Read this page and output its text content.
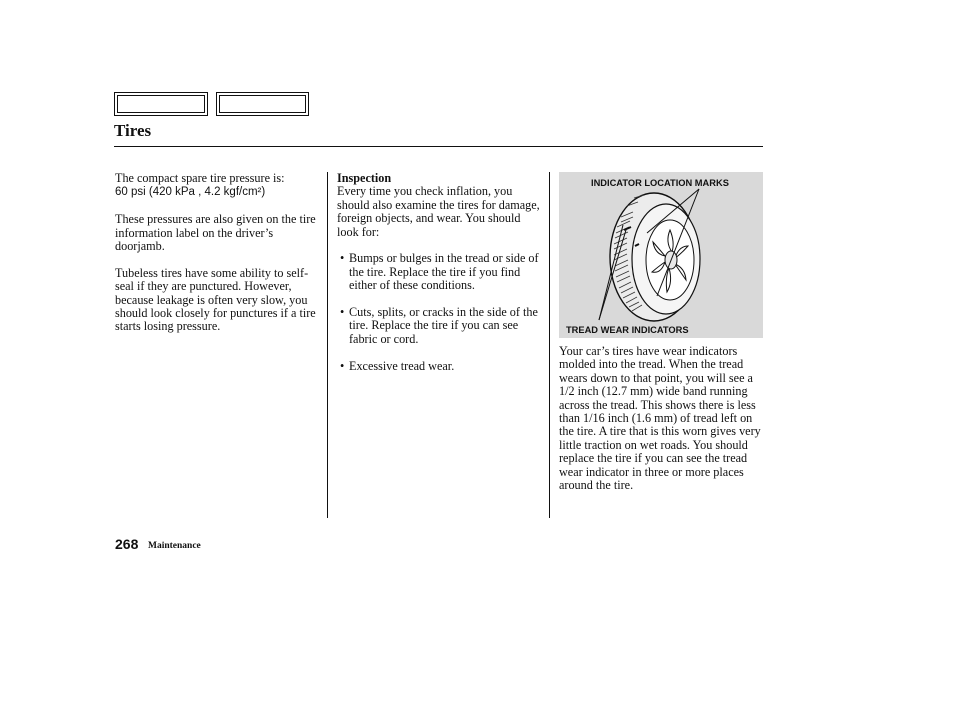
Tires

The compact spare tire pressure is:
60 psi (420 kPa , 4.2 kgf/cm²)

These pressures are also given on the tire information label on the driver’s doorjamb.

Tubeless tires have some ability to self-seal if they are punctured. However, because leakage is often very slow, you should look closely for punctures if a tire starts losing pressure.

Inspection
Every time you check inflation, you should also examine the tires for damage, foreign objects, and wear. You should look for:

• Bumps or bulges in the tread or side of the tire. Replace the tire if you find either of these conditions.
• Cuts, splits, or cracks in the side of the tire. Replace the tire if you can see fabric or cord.
• Excessive tread wear.
INDICATOR LOCATION MARKS
TREAD WEAR INDICATORS

Your car’s tires have wear indicators molded into the tread. When the tread wears down to that point, you will see a 1/2 inch (12.7 mm) wide band running across the tread. This shows there is less than 1/16 inch (1.6 mm) of tread left on the tire. A tire that is this worn gives very little traction on wet roads. You should replace the tire if you can see the tread wear indicator in three or more places around the tire.

268 Maintenance
